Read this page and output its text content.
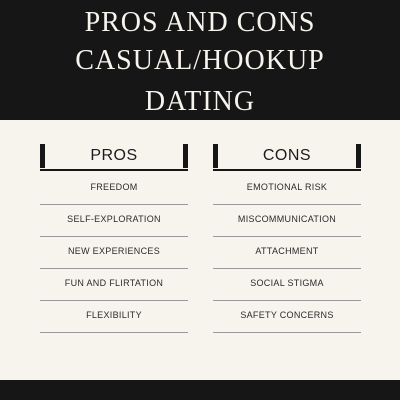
PROS AND CONS
CASUAL/HOOKUP
DATING
PROS
FREEDOM
SELF-EXPLORATION
NEW EXPERIENCES
FUN AND FLIRTATION
FLEXIBILITY
CONS
EMOTIONAL RISK
MISCOMMUNICATION
ATTACHMENT
SOCIAL STIGMA
SAFETY CONCERNS
